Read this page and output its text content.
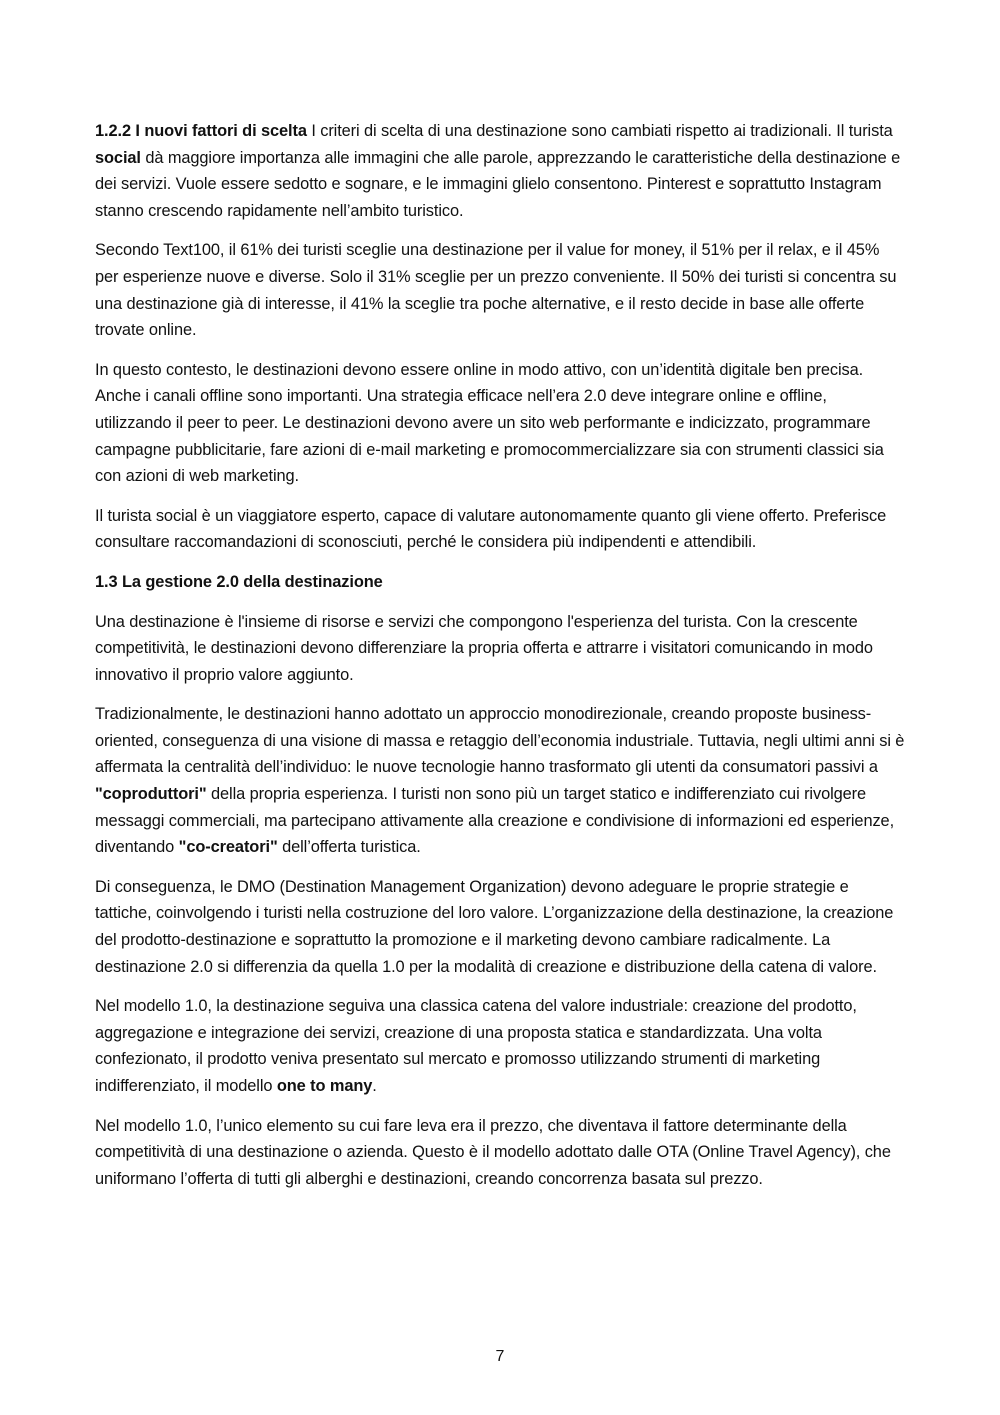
1.2.2 I nuovi fattori di scelta I criteri di scelta di una destinazione sono cambiati rispetto ai tradizionali. Il turista social dà maggiore importanza alle immagini che alle parole, apprezzando le caratteristiche della destinazione e dei servizi. Vuole essere sedotto e sognare, e le immagini glielo consentono. Pinterest e soprattutto Instagram stanno crescendo rapidamente nell’ambito turistico.

Secondo Text100, il 61% dei turisti sceglie una destinazione per il value for money, il 51% per il relax, e il 45% per esperienze nuove e diverse. Solo il 31% sceglie per un prezzo conveniente. Il 50% dei turisti si concentra su una destinazione già di interesse, il 41% la sceglie tra poche alternative, e il resto decide in base alle offerte trovate online.

In questo contesto, le destinazioni devono essere online in modo attivo, con un’identità digitale ben precisa. Anche i canali offline sono importanti. Una strategia efficace nell’era 2.0 deve integrare online e offline, utilizzando il peer to peer. Le destinazioni devono avere un sito web performante e indicizzato, programmare campagne pubblicitarie, fare azioni di e-mail marketing e promocommercializzare sia con strumenti classici sia con azioni di web marketing.

Il turista social è un viaggiatore esperto, capace di valutare autonomamente quanto gli viene offerto. Preferisce consultare raccomandazioni di sconosciuti, perché le considera più indipendenti e attendibili.

1.3 La gestione 2.0 della destinazione

Una destinazione è l'insieme di risorse e servizi che compongono l'esperienza del turista. Con la crescente competitività, le destinazioni devono differenziare la propria offerta e attrarre i visitatori comunicando in modo innovativo il proprio valore aggiunto.

Tradizionalmente, le destinazioni hanno adottato un approccio monodirezionale, creando proposte business-oriented, conseguenza di una visione di massa e retaggio dell’economia industriale. Tuttavia, negli ultimi anni si è affermata la centralità dell’individuo: le nuove tecnologie hanno trasformato gli utenti da consumatori passivi a "coproduttori" della propria esperienza. I turisti non sono più un target statico e indifferenziato cui rivolgere messaggi commerciali, ma partecipano attivamente alla creazione e condivisione di informazioni ed esperienze, diventando "co-creatori" dell’offerta turistica.

Di conseguenza, le DMO (Destination Management Organization) devono adeguare le proprie strategie e tattiche, coinvolgendo i turisti nella costruzione del loro valore. L’organizzazione della destinazione, la creazione del prodotto-destinazione e soprattutto la promozione e il marketing devono cambiare radicalmente. La destinazione 2.0 si differenzia da quella 1.0 per la modalità di creazione e distribuzione della catena di valore.

Nel modello 1.0, la destinazione seguiva una classica catena del valore industriale: creazione del prodotto, aggregazione e integrazione dei servizi, creazione di una proposta statica e standardizzata. Una volta confezionato, il prodotto veniva presentato sul mercato e promosso utilizzando strumenti di marketing indifferenziato, il modello one to many.

Nel modello 1.0, l’unico elemento su cui fare leva era il prezzo, che diventava il fattore determinante della competitività di una destinazione o azienda. Questo è il modello adottato dalle OTA (Online Travel Agency), che uniformano l’offerta di tutti gli alberghi e destinazioni, creando concorrenza basata sul prezzo.

7
